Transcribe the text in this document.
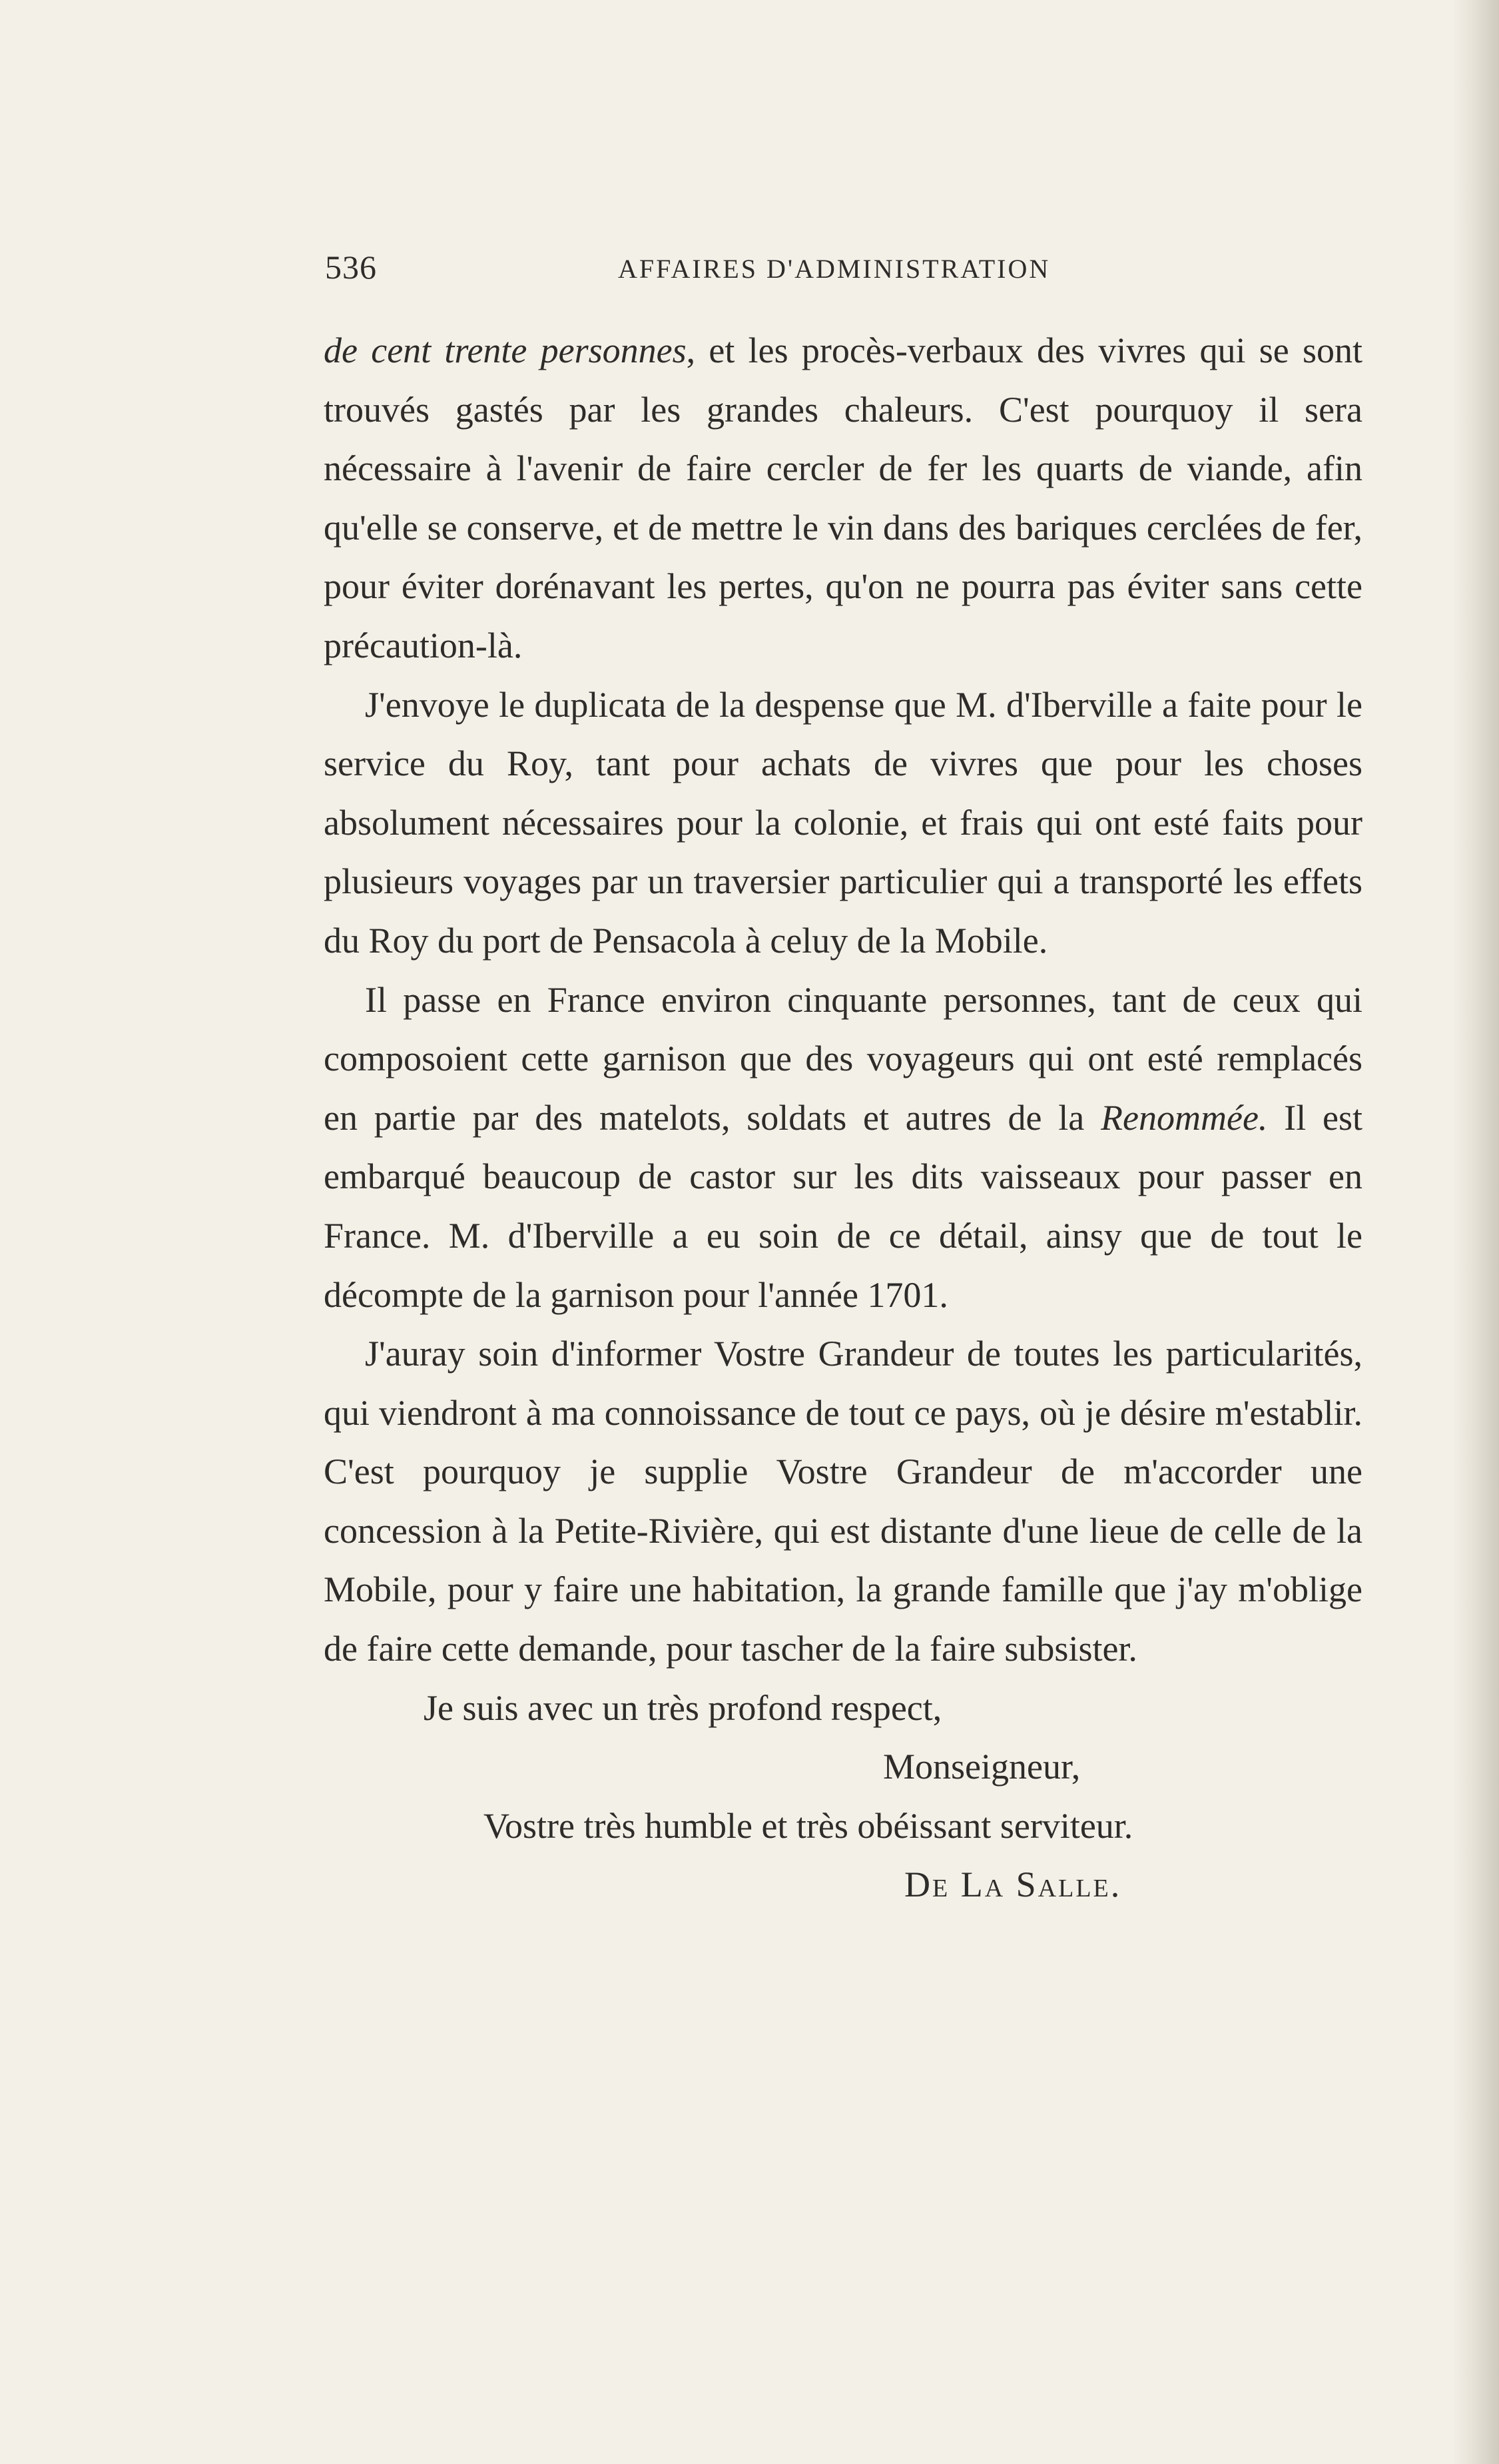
536	AFFAIRES D'ADMINISTRATION

de cent trente personnes, et les procès-verbaux des vivres qui se sont trouvés gastés par les grandes chaleurs. C'est pourquoy il sera nécessaire à l'avenir de faire cercler de fer les quarts de viande, afin qu'elle se conserve, et de mettre le vin dans des bariques cerclées de fer, pour éviter dorénavant les pertes, qu'on ne pourra pas éviter sans cette précaution-là.

J'envoye le duplicata de la despense que M. d'Iberville a faite pour le service du Roy, tant pour achats de vivres que pour les choses absolument nécessaires pour la colonie, et frais qui ont esté faits pour plusieurs voyages par un traversier particulier qui a transporté les effets du Roy du port de Pensacola à celuy de la Mobile.

Il passe en France environ cinquante personnes, tant de ceux qui composoient cette garnison que des voyageurs qui ont esté remplacés en partie par des matelots, soldats et autres de la Renommée. Il est embarqué beaucoup de castor sur les dits vaisseaux pour passer en France. M. d'Iberville a eu soin de ce détail, ainsy que de tout le décompte de la garnison pour l'année 1701.

J'auray soin d'informer Vostre Grandeur de toutes les particularités, qui viendront à ma connoissance de tout ce pays, où je désire m'establir. C'est pourquoy je supplie Vostre Grandeur de m'accorder une concession à la Petite-Rivière, qui est distante d'une lieue de celle de la Mobile, pour y faire une habitation, la grande famille que j'ay m'oblige de faire cette demande, pour tascher de la faire subsister.

Je suis avec un très profond respect,

Monseigneur,

Vostre très humble et très obéissant serviteur.

De La Salle.
